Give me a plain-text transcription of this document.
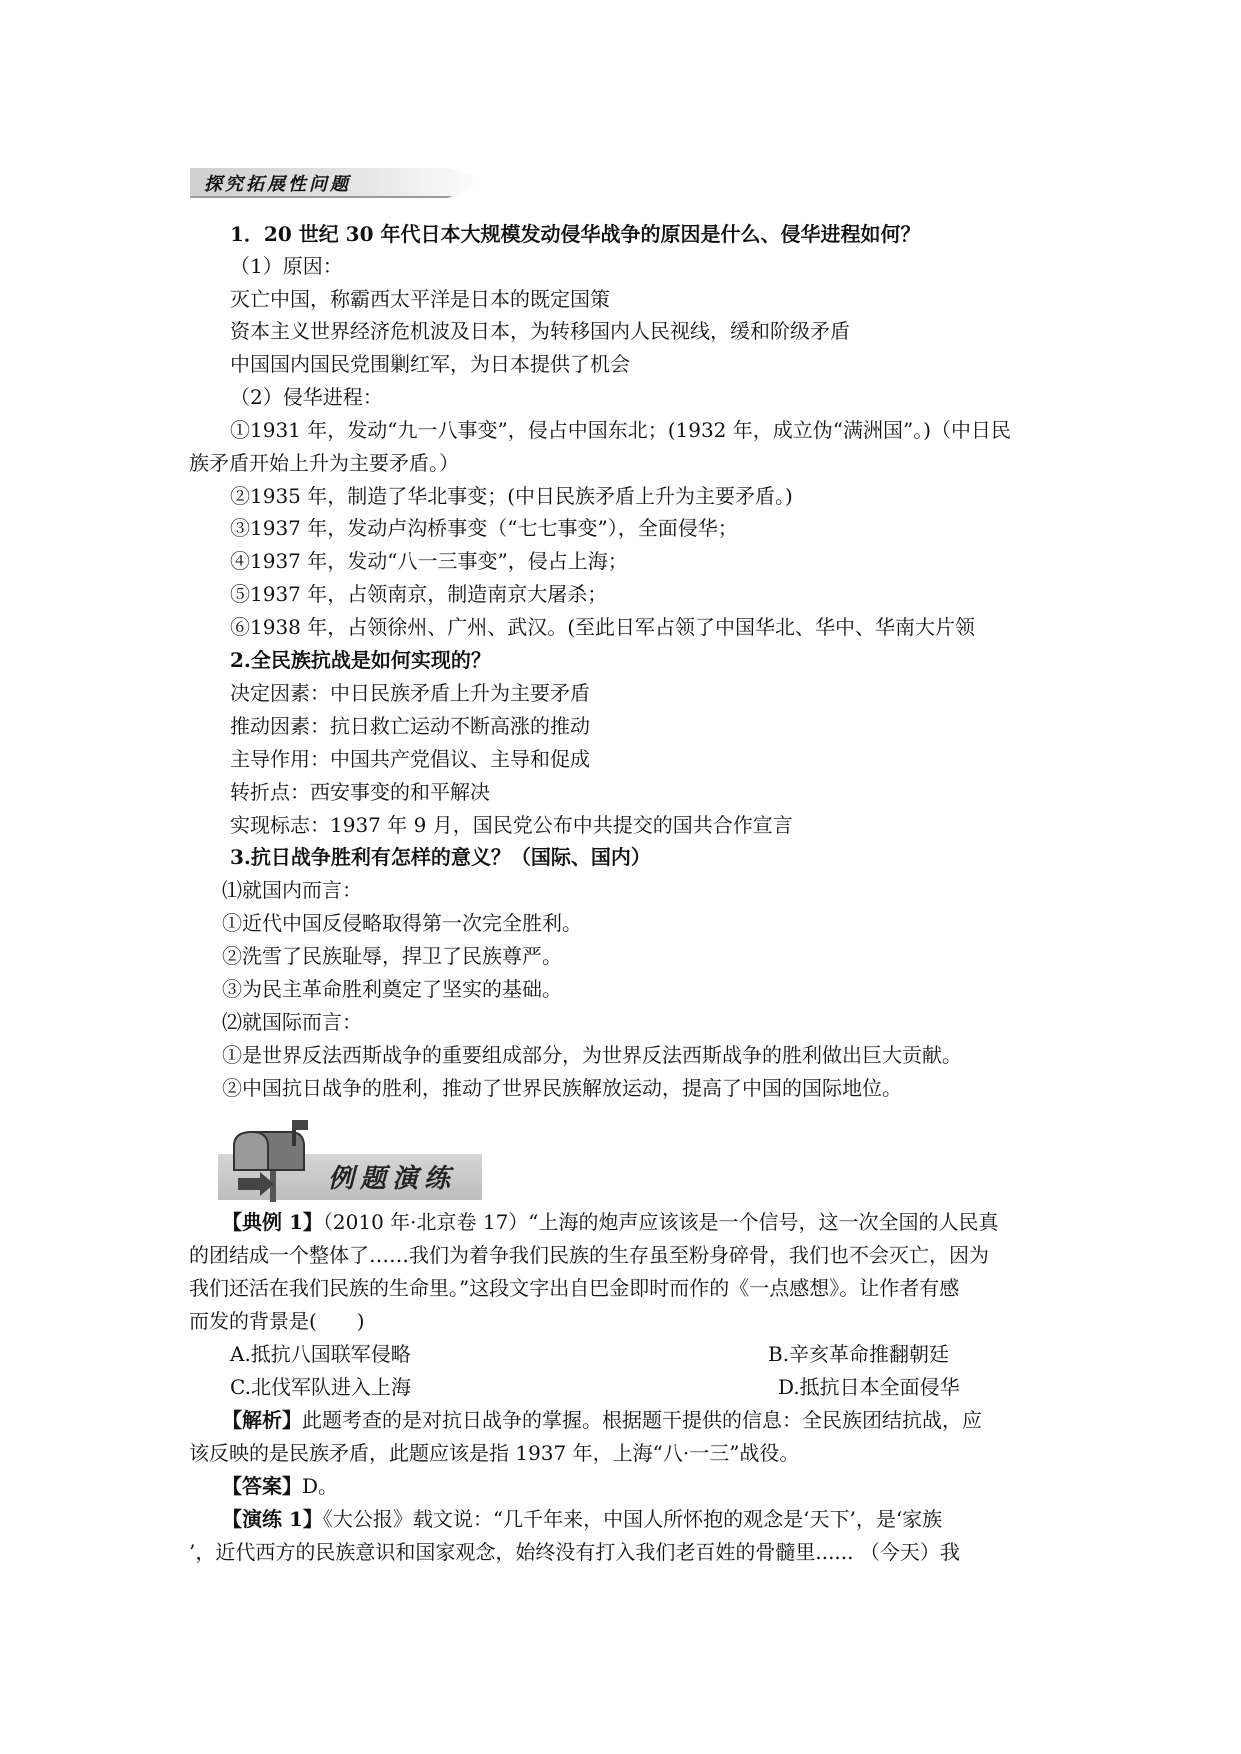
探究拓展性问题
1．20 世纪 30 年代日本大规模发动侵华战争的原因是什么、侵华进程如何？
（1）原因：
灭亡中国，称霸西太平洋是日本的既定国策
资本主义世界经济危机波及日本，为转移国内人民视线，缓和阶级矛盾
中国国内国民党围剿红军，为日本提供了机会
（2）侵华进程：
①1931 年，发动“九一八事变”，侵占中国东北；(1932 年，成立伪“满洲国”。)（中日民
族矛盾开始上升为主要矛盾。）
②1935 年，制造了华北事变；(中日民族矛盾上升为主要矛盾。)
③1937 年，发动卢沟桥事变（“七七事变”），全面侵华；
④1937 年，发动“八一三事变”，侵占上海；
⑤1937 年，占领南京，制造南京大屠杀；
⑥1938 年，占领徐州、广州、武汉。(至此日军占领了中国华北、华中、华南大片领
2.全民族抗战是如何实现的？
决定因素：中日民族矛盾上升为主要矛盾
推动因素：抗日救亡运动不断高涨的推动
主导作用：中国共产党倡议、主导和促成
转折点：西安事变的和平解决
实现标志：1937 年 9 月，国民党公布中共提交的国共合作宣言
3.抗日战争胜利有怎样的意义？（国际、国内）
⑴就国内而言：
①近代中国反侵略取得第一次完全胜利。
②洗雪了民族耻辱，捍卫了民族尊严。
③为民主革命胜利奠定了坚实的基础。
⑵就国际而言：
①是世界反法西斯战争的重要组成部分，为世界反法西斯战争的胜利做出巨大贡献。
②中国抗日战争的胜利，推动了世界民族解放运动，提高了中国的国际地位。
例题演练
【典例 1】（2010 年·北京卷 17）“上海的炮声应该该是一个信号，这一次全国的人民真
的团结成一个整体了……我们为着争我们民族的生存虽至粉身碎骨，我们也不会灭亡，因为
我们还活在我们民族的生命里。”这段文字出自巴金即时而作的《一点感想》。让作者有感
而发的背景是(　　)
A.抵抗八国联军侵略	B.辛亥革命推翻朝廷
C.北伐军队进入上海	D.抵抗日本全面侵华
【解析】此题考查的是对抗日战争的掌握。根据题干提供的信息：全民族团结抗战，应
该反映的是民族矛盾，此题应该是指 1937 年，上海“八·一三”战役。
【答案】D。
【演练 1】《大公报》载文说：“几千年来，中国人所怀抱的观念是‘天下’，是‘家族
’，近代西方的民族意识和国家观念，始终没有打入我们老百姓的骨髓里...... （今天）我
